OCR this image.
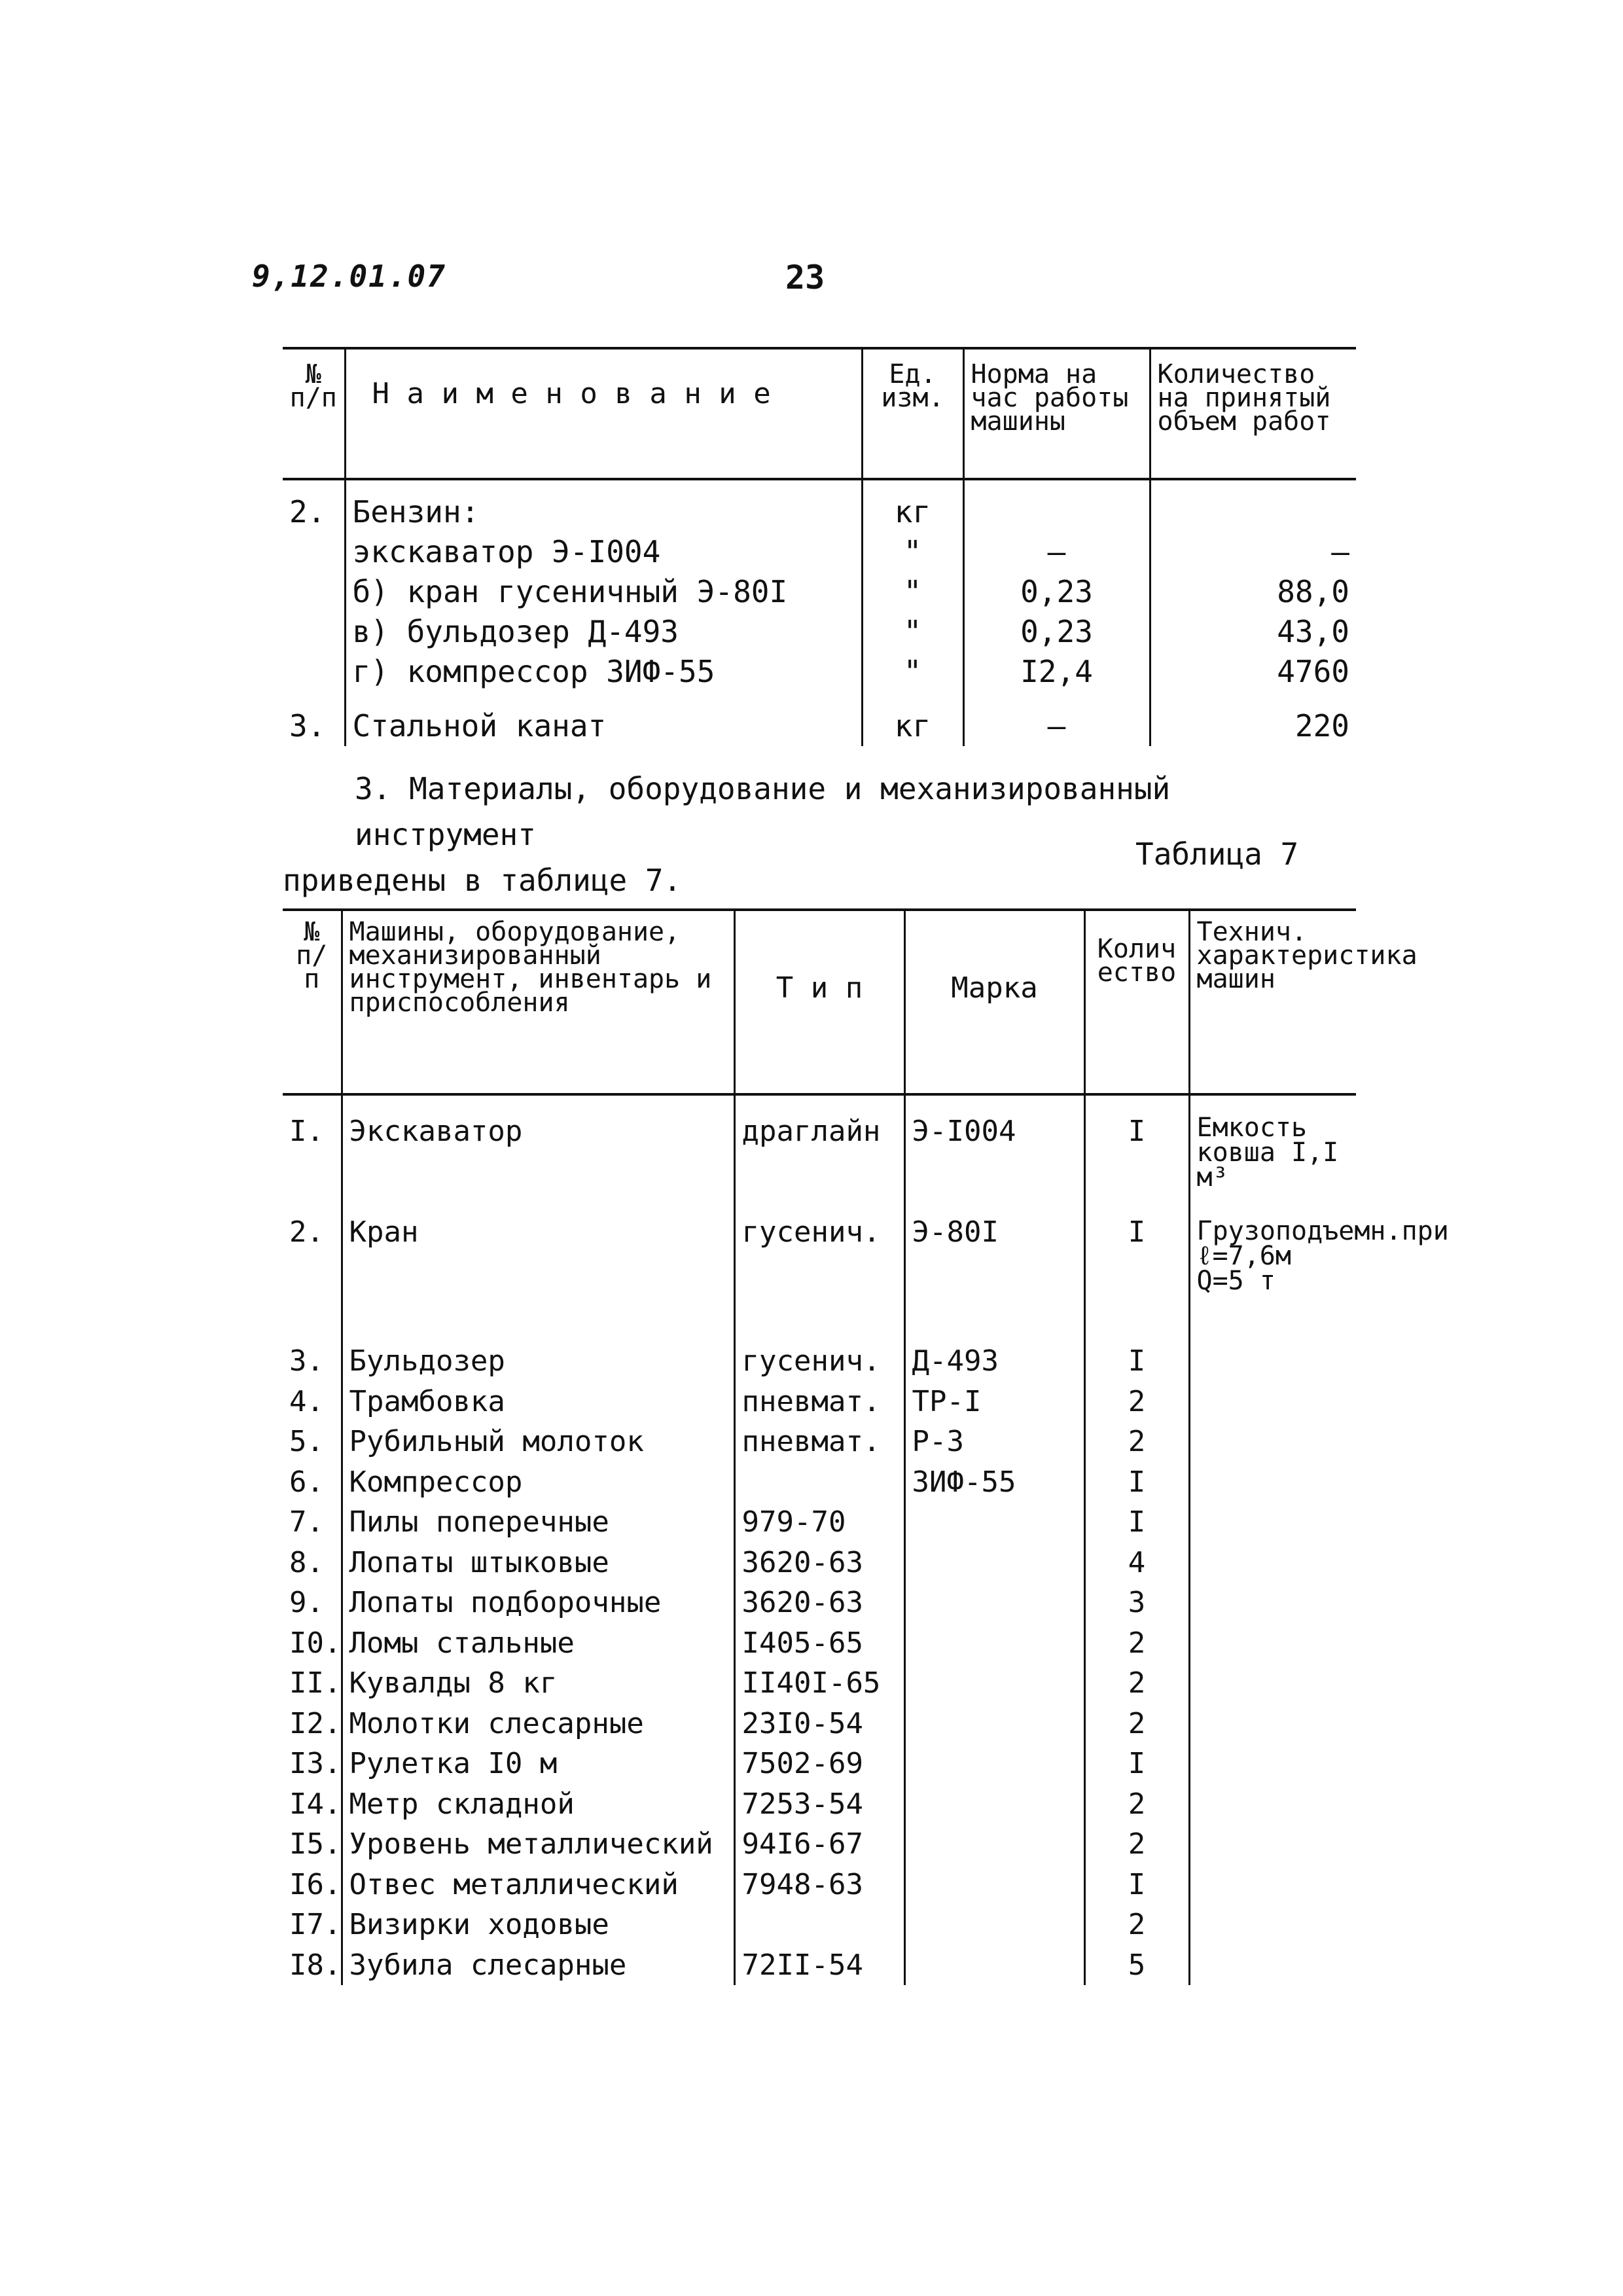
9,12.01.07	23
№ п/п	Н а и м е н о в а н и е	Ед. изм.	Норма на час работы машины	Количество на принятый объем работ
2.	Бензин:	кг		
	экскаватор Э-I004	"	–	–
	б) кран гусеничный Э-80I	"	0,23	88,0
	в) бульдозер Д-493	"	0,23	43,0
	г) компрессор ЗИФ-55	"	I2,4	4760
3.	Стальной канат	кг	–	220
3. Материалы, оборудование и механизированный инструмент
приведены в таблице 7.
Таблица 7
№ п/п	Машины, оборудование, механизированный инструмент, инвентарь и приспособления	Т и п	Марка	Количество	Технич. характеристика машин
I.	Экскаватор	драглайн	Э-I004	I	Емкость ковша I,I м³
2.	Кран	гусенич.	Э-80I	I	Грузоподъемн.при ℓ=7,6м Q=5 т
3.	Бульдозер	гусенич.	Д-493	I	
4.	Трамбовка	пневмат.	ТР-I	2	
5.	Рубильный молоток	пневмат.	Р-3	2	
6.	Компрессор		ЗИФ-55	I	
7.	Пилы поперечные	979-70		I	
8.	Лопаты штыковые	3620-63		4	
9.	Лопаты подборочные	3620-63		3	
I0.	Ломы стальные	I405-65		2	
II.	Кувалды 8 кг	II40I-65		2	
I2.	Молотки слесарные	23I0-54		2	
I3.	Рулетка I0 м	7502-69		I	
I4.	Метр складной	7253-54		2	
I5.	Уровень металлический	94I6-67		2	
I6.	Отвес металлический	7948-63		I	
I7.	Визирки ходовые			2	
I8.	Зубила слесарные	72II-54		5	
